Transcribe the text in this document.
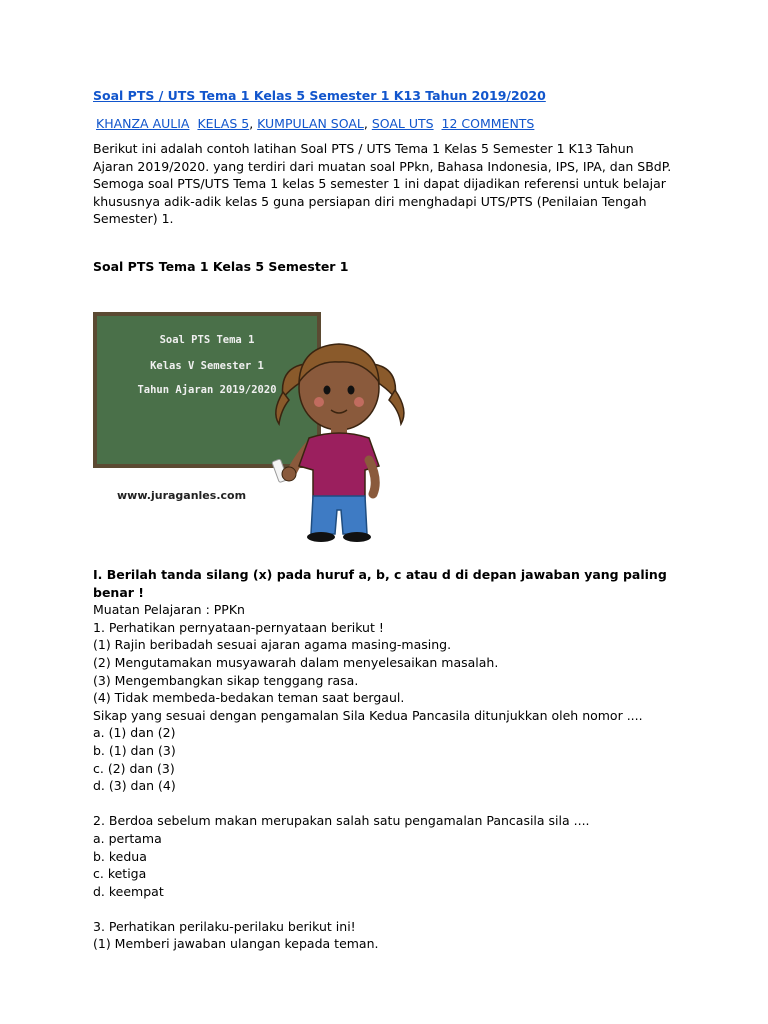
Soal PTS / UTS Tema 1 Kelas 5 Semester 1 K13 Tahun 2019/2020
KHANZA AULIA KELAS 5, KUMPULAN SOAL, SOAL UTS 12 COMMENTS
Berikut ini adalah contoh latihan Soal PTS / UTS Tema 1 Kelas 5 Semester 1 K13 Tahun Ajaran 2019/2020. yang terdiri dari muatan soal PPkn, Bahasa Indonesia, IPS, IPA, dan SBdP. Semoga soal PTS/UTS Tema 1 kelas 5 semester 1 ini dapat dijadikan referensi untuk belajar khususnya adik-adik kelas 5 guna persiapan diri menghadapi UTS/PTS (Penilaian Tengah Semester) 1.
Soal PTS Tema 1 Kelas 5 Semester 1
Soal PTS Tema 1
Kelas V Semester 1
Tahun Ajaran 2019/2020
www.juraganles.com
I. Berilah tanda silang (x) pada huruf a, b, c atau d di depan jawaban yang paling benar !
Muatan Pelajaran : PPKn
1. Perhatikan pernyataan-pernyataan berikut !
(1) Rajin beribadah sesuai ajaran agama masing-masing.
(2) Mengutamakan musyawarah dalam menyelesaikan masalah.
(3) Mengembangkan sikap tenggang rasa.
(4) Tidak membeda-bedakan teman saat bergaul.
Sikap yang sesuai dengan pengamalan Sila Kedua Pancasila ditunjukkan oleh nomor ....
a. (1) dan (2)
b. (1) dan (3)
c. (2) dan (3)
d. (3) dan (4)
2. Berdoa sebelum makan merupakan salah satu pengamalan Pancasila sila ....
a. pertama
b. kedua
c. ketiga
d. keempat
3. Perhatikan perilaku-perilaku berikut ini!
(1) Memberi jawaban ulangan kepada teman.
